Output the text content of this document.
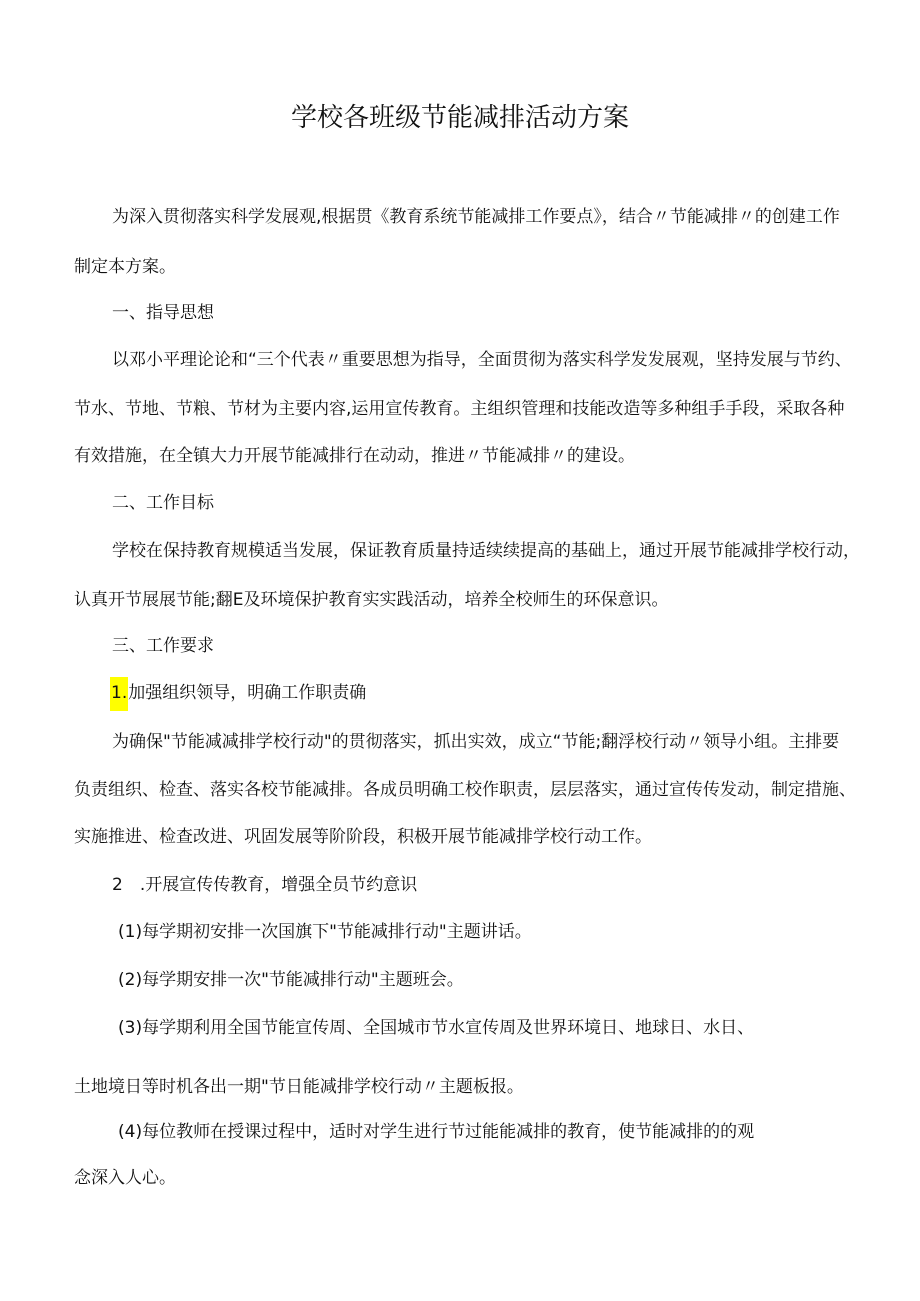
学校各班级节能减排活动方案
为深入贯彻落实科学发展观,根据贯《教育系统节能减排工作要点》，结合〃节能减排〃的创建工作
制定本方案。
一、指导思想
以邓小平理论论和“三个代表〃重要思想为指导，全面贯彻为落实科学发发展观，坚持发展与节约、
节水、节地、节粮、节材为主要内容,运用宣传教育。主组织管理和技能改造等多种组手手段，采取各种
有效措施，在全镇大力开展节能减排行在动动，推进〃节能减排〃的建设。
二、工作目标
学校在保持教育规模适当发展，保证教育质量持适续续提高的基础上，通过开展节能减排学校行动，
认真开节展展节能;翻E及环境保护教育实实践活动，培养全校师生的环保意识。
三、工作要求
1.加强组织领导，明确工作职责确
为确保"节能减减排学校行动"的贯彻落实，抓出实效，成立“节能;翻浮校行动〃领导小组。主排要
负责组织、检查、落实各校节能减排。各成员明确工校作职责，层层落实，通过宣传传发动，制定措施、
实施推进、检查改进、巩固发展等阶阶段，积极开展节能减排学校行动工作。
2　.开展宣传传教育，增强全员节约意识
(1)每学期初安排一次国旗下"节能减排行动"主题讲话。
(2)每学期安排一次"节能减排行动"主题班会。
(3)每学期利用全国节能宣传周、全国城市节水宣传周及世界环境日、地球日、水日、
土地境日等时机各出一期"节日能减排学校行动〃主题板报。
(4)每位教师在授课过程中，适时对学生进行节过能能减排的教育，使节能减排的的观
念深入人心。
